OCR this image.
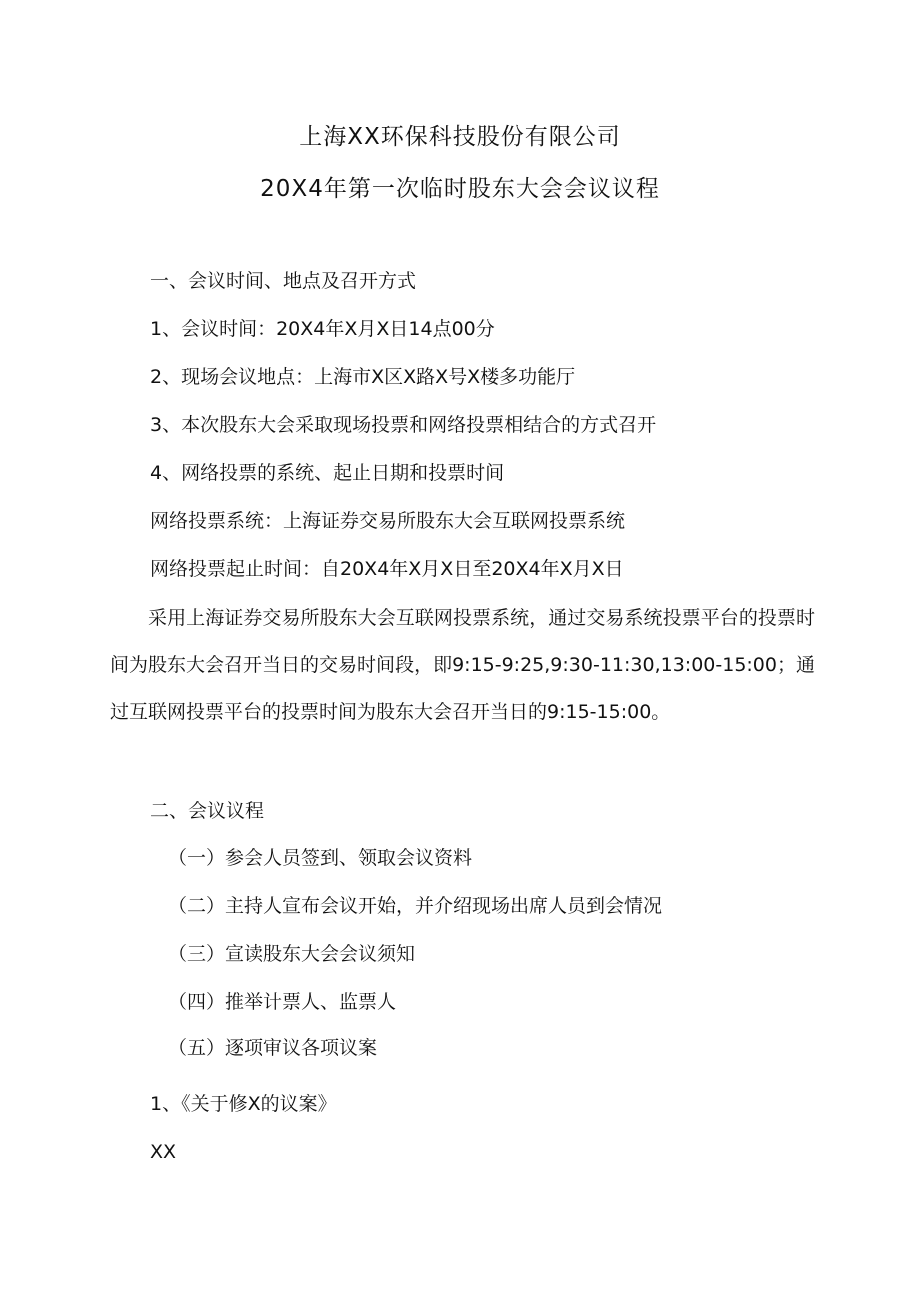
上海XX环保科技股份有限公司
20X4年第一次临时股东大会会议议程
一、会议时间、地点及召开方式
1、会议时间：20X4年X月X日14点00分
2、现场会议地点：上海市X区X路X号X楼多功能厅
3、本次股东大会采取现场投票和网络投票相结合的方式召开
4、网络投票的系统、起止日期和投票时间
网络投票系统：上海证券交易所股东大会互联网投票系统
网络投票起止时间：自20X4年X月X日至20X4年X月X日
采用上海证券交易所股东大会互联网投票系统，通过交易系统投票平台的投票时间为股东大会召开当日的交易时间段，即9:15-9:25,9:30-11:30,13:00-15:00；通过互联网投票平台的投票时间为股东大会召开当日的9:15-15:00。
二、会议议程
（一）参会人员签到、领取会议资料
（二）主持人宣布会议开始，并介绍现场出席人员到会情况
（三）宣读股东大会会议须知
（四）推举计票人、监票人
（五）逐项审议各项议案
1、《关于修X的议案》
XX
